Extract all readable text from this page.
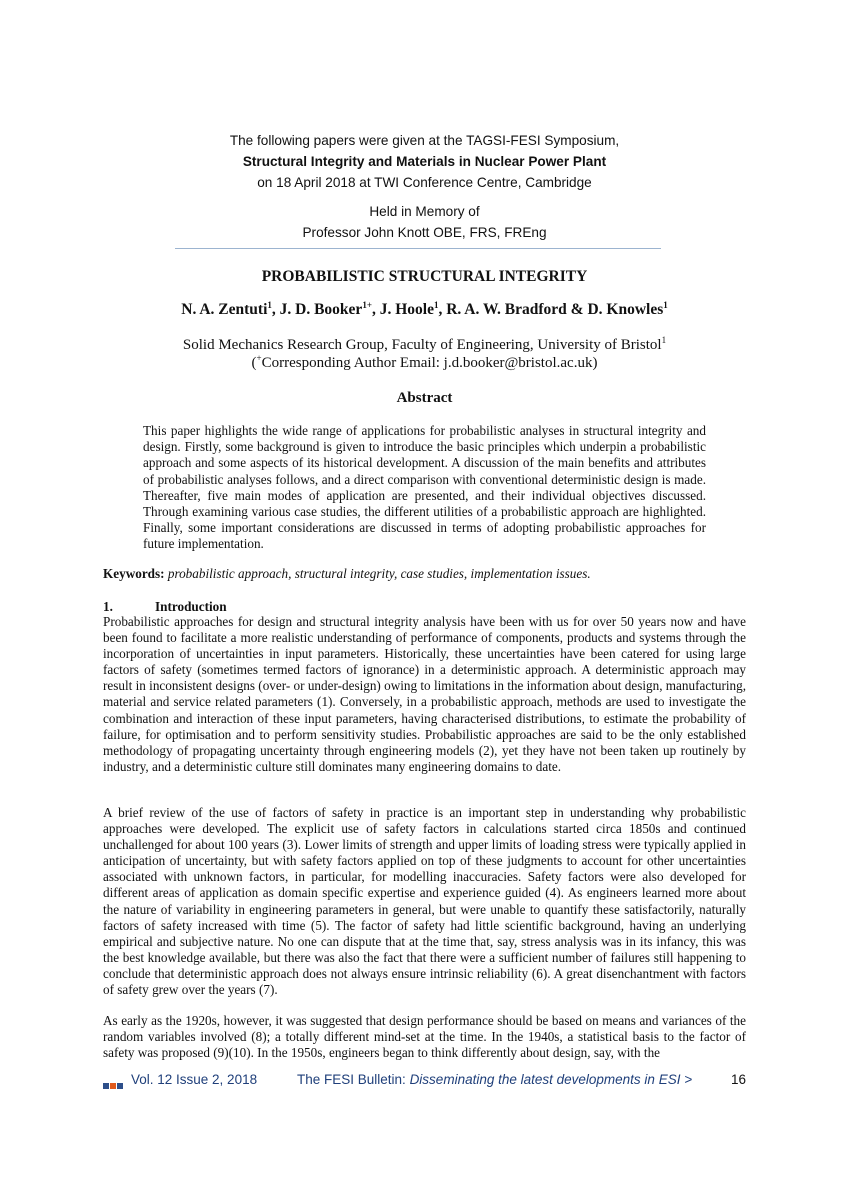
The following papers were given at the TAGSI-FESI Symposium,
Structural Integrity and Materials in Nuclear Power Plant
on 18 April 2018 at TWI Conference Centre, Cambridge
Held in Memory of
Professor John Knott OBE, FRS, FREng
PROBABILISTIC STRUCTURAL INTEGRITY
N. A. Zentuti$^1$, J. D. Booker$^{1+}$, J. Hoole$^1$, R. A. W. Bradford & D. Knowles$^1$
Solid Mechanics Research Group, Faculty of Engineering, University of Bristol$^1$
(+Corresponding Author Email: j.d.booker@bristol.ac.uk)
Abstract
This paper highlights the wide range of applications for probabilistic analyses in structural integrity and design. Firstly, some background is given to introduce the basic principles which underpin a probabilistic approach and some aspects of its historical development. A discussion of the main benefits and attributes of probabilistic analyses follows, and a direct comparison with conventional deterministic design is made. Thereafter, five main modes of application are presented, and their individual objectives discussed. Through examining various case studies, the different utilities of a probabilistic approach are highlighted. Finally, some important considerations are discussed in terms of adopting probabilistic approaches for future implementation.
Keywords: probabilistic approach, structural integrity, case studies, implementation issues.
1.	Introduction
Probabilistic approaches for design and structural integrity analysis have been with us for over 50 years now and have been found to facilitate a more realistic understanding of performance of components, products and systems through the incorporation of uncertainties in input parameters. Historically, these uncertainties have been catered for using large factors of safety (sometimes termed factors of ignorance) in a deterministic approach. A deterministic approach may result in inconsistent designs (over- or under-design) owing to limitations in the information about design, manufacturing, material and service related parameters (1). Conversely, in a probabilistic approach, methods are used to investigate the combination and interaction of these input parameters, having characterised distributions, to estimate the probability of failure, for optimisation and to perform sensitivity studies. Probabilistic approaches are said to be the only established methodology of propagating uncertainty through engineering models (2), yet they have not been taken up routinely by industry, and a deterministic culture still dominates many engineering domains to date.
A brief review of the use of factors of safety in practice is an important step in understanding why probabilistic approaches were developed. The explicit use of safety factors in calculations started circa 1850s and continued unchallenged for about 100 years (3). Lower limits of strength and upper limits of loading stress were typically applied in anticipation of uncertainty, but with safety factors applied on top of these judgments to account for other uncertainties associated with unknown factors, in particular, for modelling inaccuracies. Safety factors were also developed for different areas of application as domain specific expertise and experience guided (4). As engineers learned more about the nature of variability in engineering parameters in general, but were unable to quantify these satisfactorily, naturally factors of safety increased with time (5). The factor of safety had little scientific background, having an underlying empirical and subjective nature. No one can dispute that at the time that, say, stress analysis was in its infancy, this was the best knowledge available, but there was also the fact that there were a sufficient number of failures still happening to conclude that deterministic approach does not always ensure intrinsic reliability (6). A great disenchantment with factors of safety grew over the years (7).
As early as the 1920s, however, it was suggested that design performance should be based on means and variances of the random variables involved (8); a totally different mind-set at the time. In the 1940s, a statistical basis to the factor of safety was proposed (9)(10). In the 1950s, engineers began to think differently about design, say, with the
Vol. 12 Issue 2, 2018	The FESI Bulletin: Disseminating the latest developments in ESI >	16
